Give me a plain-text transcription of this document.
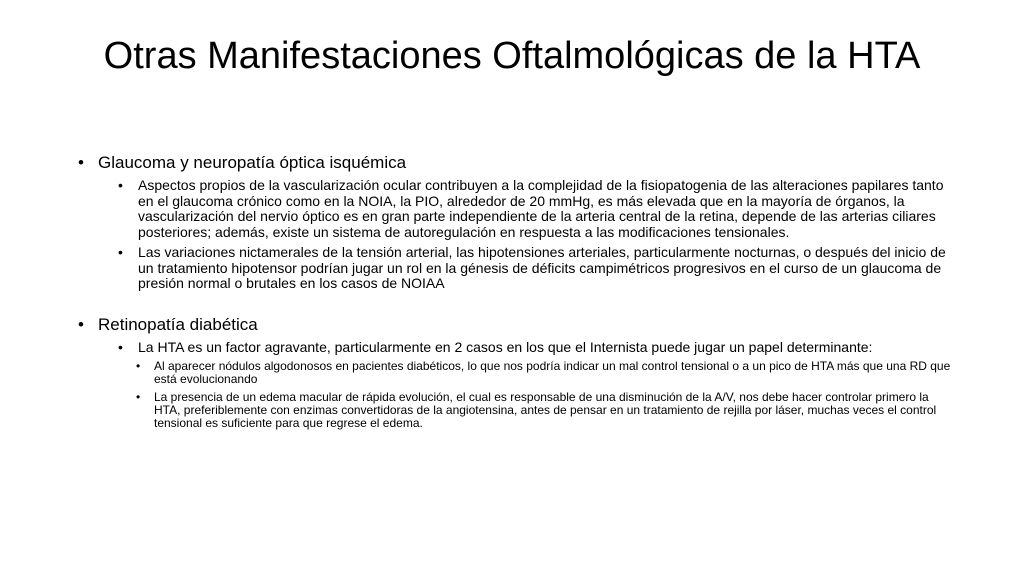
Otras Manifestaciones Oftalmológicas de la HTA
• Glaucoma y neuropatía óptica isquémica
• Aspectos propios de la vascularización ocular contribuyen a la complejidad de la fisiopatogenia de las alteraciones papilares tanto en el glaucoma crónico como en la NOIA, la PIO, alrededor de 20 mmHg, es más elevada que en la mayoría de órganos, la vascularización del nervio óptico es en gran parte independiente de la arteria central de la retina, depende de las arterias ciliares posteriores; además, existe un sistema de autoregulación en respuesta a las modificaciones tensionales.
• Las variaciones nictamerales de la tensión arterial, las hipotensiones arteriales, particularmente nocturnas, o después del inicio de un tratamiento hipotensor podrían jugar un rol en la génesis de déficits campimétricos progresivos en el curso de un glaucoma de presión normal o brutales en los casos de NOIAA
• Retinopatía diabética
• La HTA es un factor agravante, particularmente en 2 casos en los que el Internista puede jugar un papel determinante:
• Al aparecer nódulos algodonosos en pacientes diabéticos, lo que nos podría indicar un mal control tensional o a un pico de HTA más que una RD que está evolucionando
• La presencia de un edema macular de rápida evolución, el cual es responsable de una disminución de la A/V, nos debe hacer controlar primero la HTA, preferiblemente con enzimas convertidoras de la angiotensina, antes de pensar en un tratamiento de rejilla por láser, muchas veces el control tensional es suficiente para que regrese el edema.
